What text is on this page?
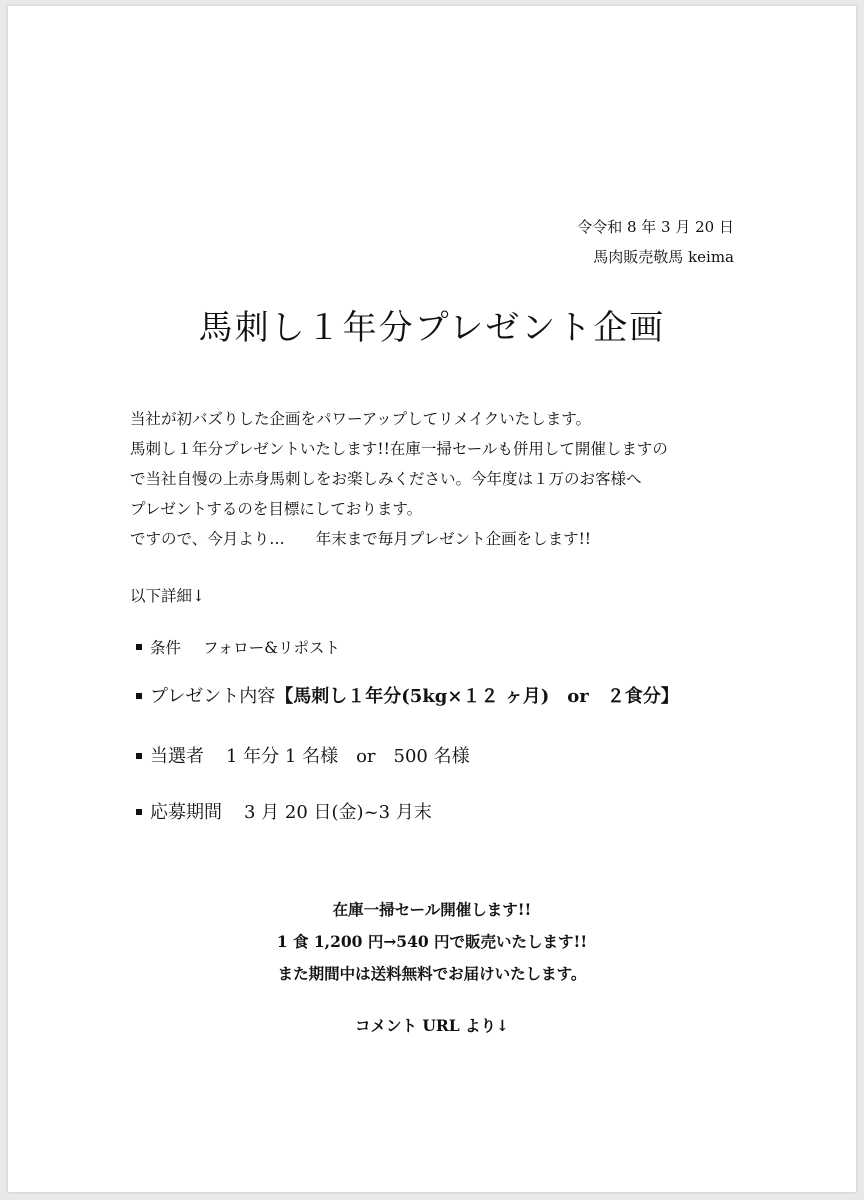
令令和 8 年 3 月 20 日
馬肉販売敬馬 keima
馬刺し１年分プレゼント企画

当社が初バズりした企画をパワーアップしてリメイクいたします。

馬刺し１年分プレゼントいたします!!在庫一掃セールも併用して開催しますの

で当社自慢の上赤身馬刺しをお楽しみください。今年度は１万のお客様へ

プレゼントするのを目標にしております。

ですので、今月より…　　年末まで毎月プレゼント企画をします!!

以下詳細↓
条件 フォロー&リポスト
プレゼント内容 【馬刺し１年分(5kg×１２ ヶ月)　or　２食分】
当選者 1 年分 1 名様　or　500 名様
応募期間 3 月 20 日(金)~3 月末

在庫一掃セール開催します!!

1 食 1,200 円→540 円で販売いたします!!

また期間中は送料無料でお届けいたします。

コメント URL より↓
